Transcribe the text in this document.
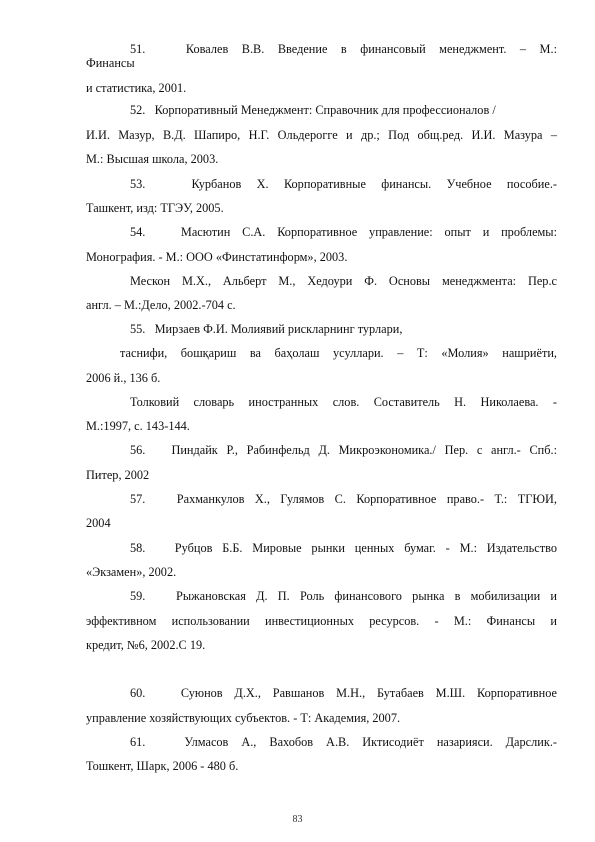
51.	Ковалев В.В. Введение в финансовый менеджмент. – М.:
Финансы
и статистика, 2001.
52. Корпоративный Менеджмент: Справочник для профессионалов /
И.И. Мазур, В.Д. Шапиро, Н.Г. Ольдерогге и др.; Под общ.ред. И.И. Мазура –
М.: Высшая школа, 2003.
53.	Курбанов Х. Корпоративные финансы. Учебное пособие.-
Ташкент, изд: ТГЭУ, 2005.
54.	Масютин С.А. Корпоративное управление: опыт и проблемы:
Монография. - М.: ООО «Финстатинформ», 2003.
Мескон М.Х., Альберт М., Хедоури Ф. Основы менеджмента: Пер.с
англ. – М.:Дело, 2002.-704 с.
55. Мирзаев Ф.И. Молиявий рискларнинг турлари,
таснифи, бошқариш ва баҳолаш усуллари. – Т: «Молия» нашриёти,
2006 й., 136 б.
Толковий словарь иностранных слов. Составитель Н. Николаева. -
М.:1997, с. 143-144.
56. Пиндайк Р., Рабинфельд Д. Микроэкономика./ Пер. с англ.- Спб.:
Питер, 2002
57.	Рахманкулов Х., Гулямов С. Корпоративное право.- Т.: ТГЮИ,
2004
58. Рубцов Б.Б. Мировые рынки ценных бумаг. - М.: Издательство
«Экзамен», 2002.
59. Рыжановская Д. П. Роль финансового рынка в мобилизации и
эффективном использовании инвестиционных ресурсов. - М.: Финансы и
кредит, №6, 2002.С 19.
60.	Суюнов Д.Х., Равшанов М.Н., Бутабаев М.Ш. Корпоративное
управление хозяйствующих субъектов. - Т: Академия, 2007.
61.	Улмасов А., Вахобов А.В. Иктисодиёт назарияси. Дарслик.-
Тошкент, Шарк, 2006 - 480 б.
83
